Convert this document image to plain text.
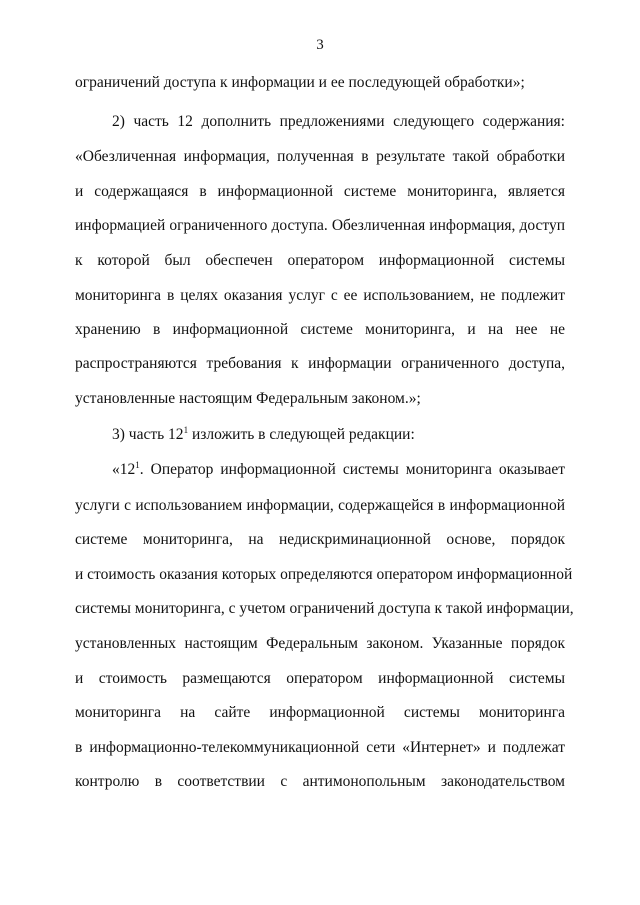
3
ограничений доступа к информации и ее последующей обработки»;
2) часть 12 дополнить предложениями следующего содержания:
«Обезличенная информация, полученная в результате такой обработки
и содержащаяся в информационной системе мониторинга, является
информацией ограниченного доступа. Обезличенная информация, доступ
к которой был обеспечен оператором информационной системы
мониторинга в целях оказания услуг с ее использованием, не подлежит
хранению в информационной системе мониторинга, и на нее не
распространяются требования к информации ограниченного доступа,
установленные настоящим Федеральным законом.»;
3) часть $12^1$ изложить в следующей редакции:
«$12^1$. Оператор информационной системы мониторинга оказывает
услуги с использованием информации, содержащейся в информационной
системе мониторинга, на недискриминационной основе, порядок
и стоимость оказания которых определяются оператором информационной
системы мониторинга, с учетом ограничений доступа к такой информации,
установленных настоящим Федеральным законом. Указанные порядок
и стоимость размещаются оператором информационной системы
мониторинга на сайте информационной системы мониторинга
в информационно-телекоммуникационной сети «Интернет» и подлежат
контролю в соответствии с антимонопольным законодательством
